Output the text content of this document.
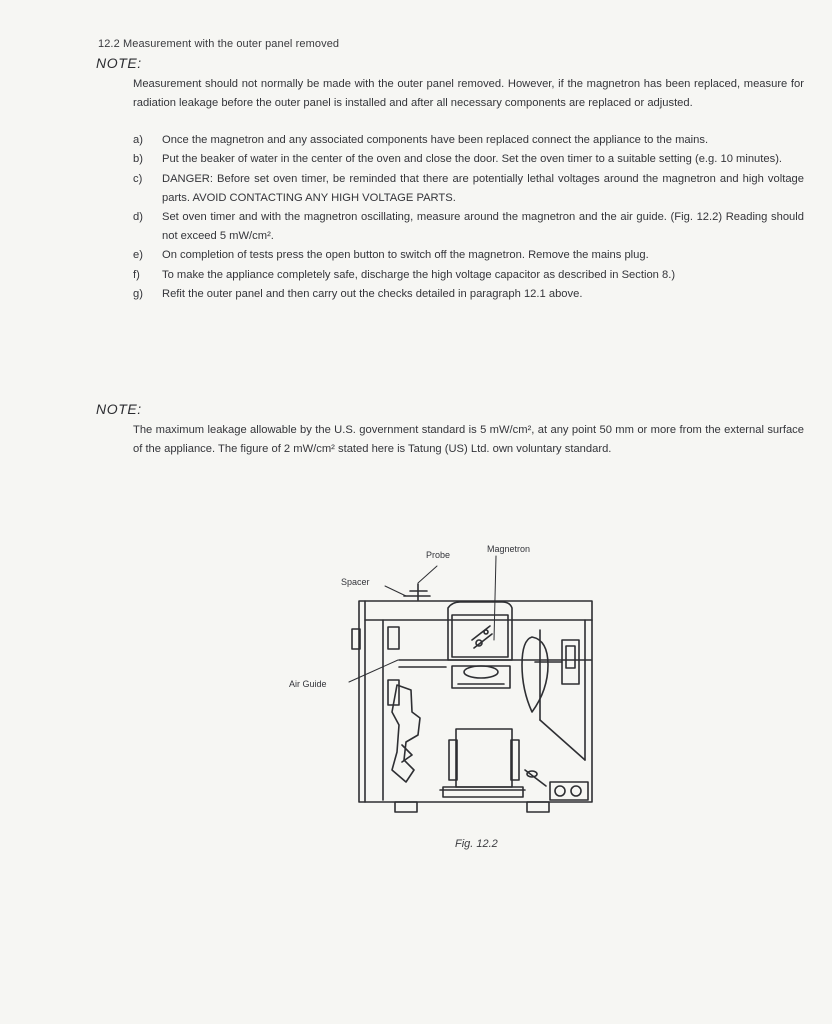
12.2 Measurement with the outer panel removed
NOTE:
Measurement should not normally be made with the outer panel removed. However, if the magnetron has been replaced, measure for radiation leakage before the outer panel is installed and after all necessary components are replaced or adjusted.
a)	Once the magnetron and any associated components have been replaced connect the appliance to the mains.
b)	Put the beaker of water in the center of the oven and close the door. Set the oven timer to a suitable setting (e.g. 10 minutes).
c)	DANGER: Before set oven timer, be reminded that there are potentially lethal voltages around the magnetron and high voltage parts. AVOID CONTACTING ANY HIGH VOLTAGE PARTS.
d)	Set oven timer and with the magnetron oscillating, measure around the magnetron and the air guide. (Fig. 12.2) Reading should not exceed 5 mW/cm².
e)	On completion of tests press the open button to switch off the magnetron. Remove the mains plug.
f)	To make the appliance completely safe, discharge the high voltage capacitor as described in Section 8.)
g)	Refit the outer panel and then carry out the checks detailed in paragraph 12.1 above.
NOTE:
The maximum leakage allowable by the U.S. government standard is 5 mW/cm², at any point 50 mm or more from the external surface of the appliance. The figure of 2 mW/cm² stated here is Tatung (US) Ltd. own voluntary standard.
Probe
Magnetron
Spacer
Air Guide
Fig. 12.2
